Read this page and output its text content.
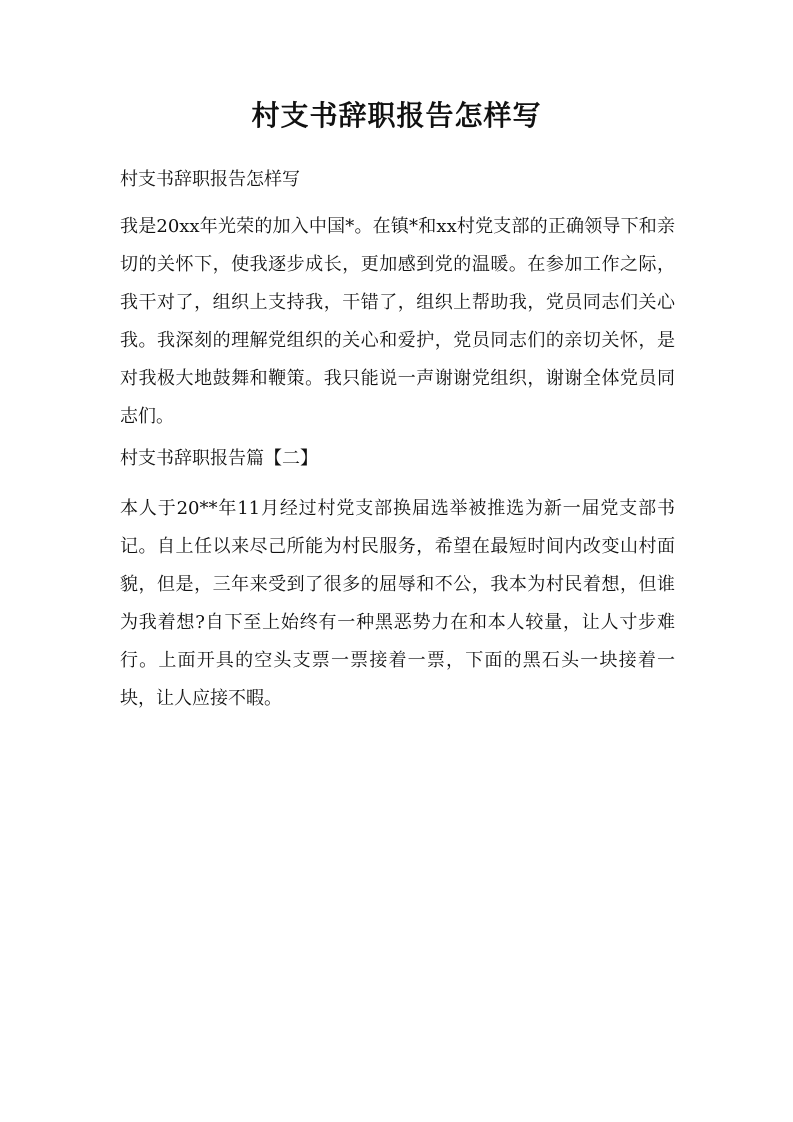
村支书辞职报告怎样写

村支书辞职报告怎样写

我是20xx年光荣的加入中国*。在镇*和xx村党支部的正确领导下和亲切的关怀下，使我逐步成长，更加感到党的温暖。在参加工作之际，我干对了，组织上支持我，干错了，组织上帮助我，党员同志们关心我。我深刻的理解党组织的关心和爱护，党员同志们的亲切关怀，是对我极大地鼓舞和鞭策。我只能说一声谢谢党组织，谢谢全体党员同志们。

村支书辞职报告篇【二】

本人于20**年11月经过村党支部换届选举被推选为新一届党支部书记。自上任以来尽己所能为村民服务，希望在最短时间内改变山村面貌，但是，三年来受到了很多的屈辱和不公，我本为村民着想，但谁为我着想?自下至上始终有一种黑恶势力在和本人较量，让人寸步难行。上面开具的空头支票一票接着一票，下面的黑石头一块接着一块，让人应接不暇。
